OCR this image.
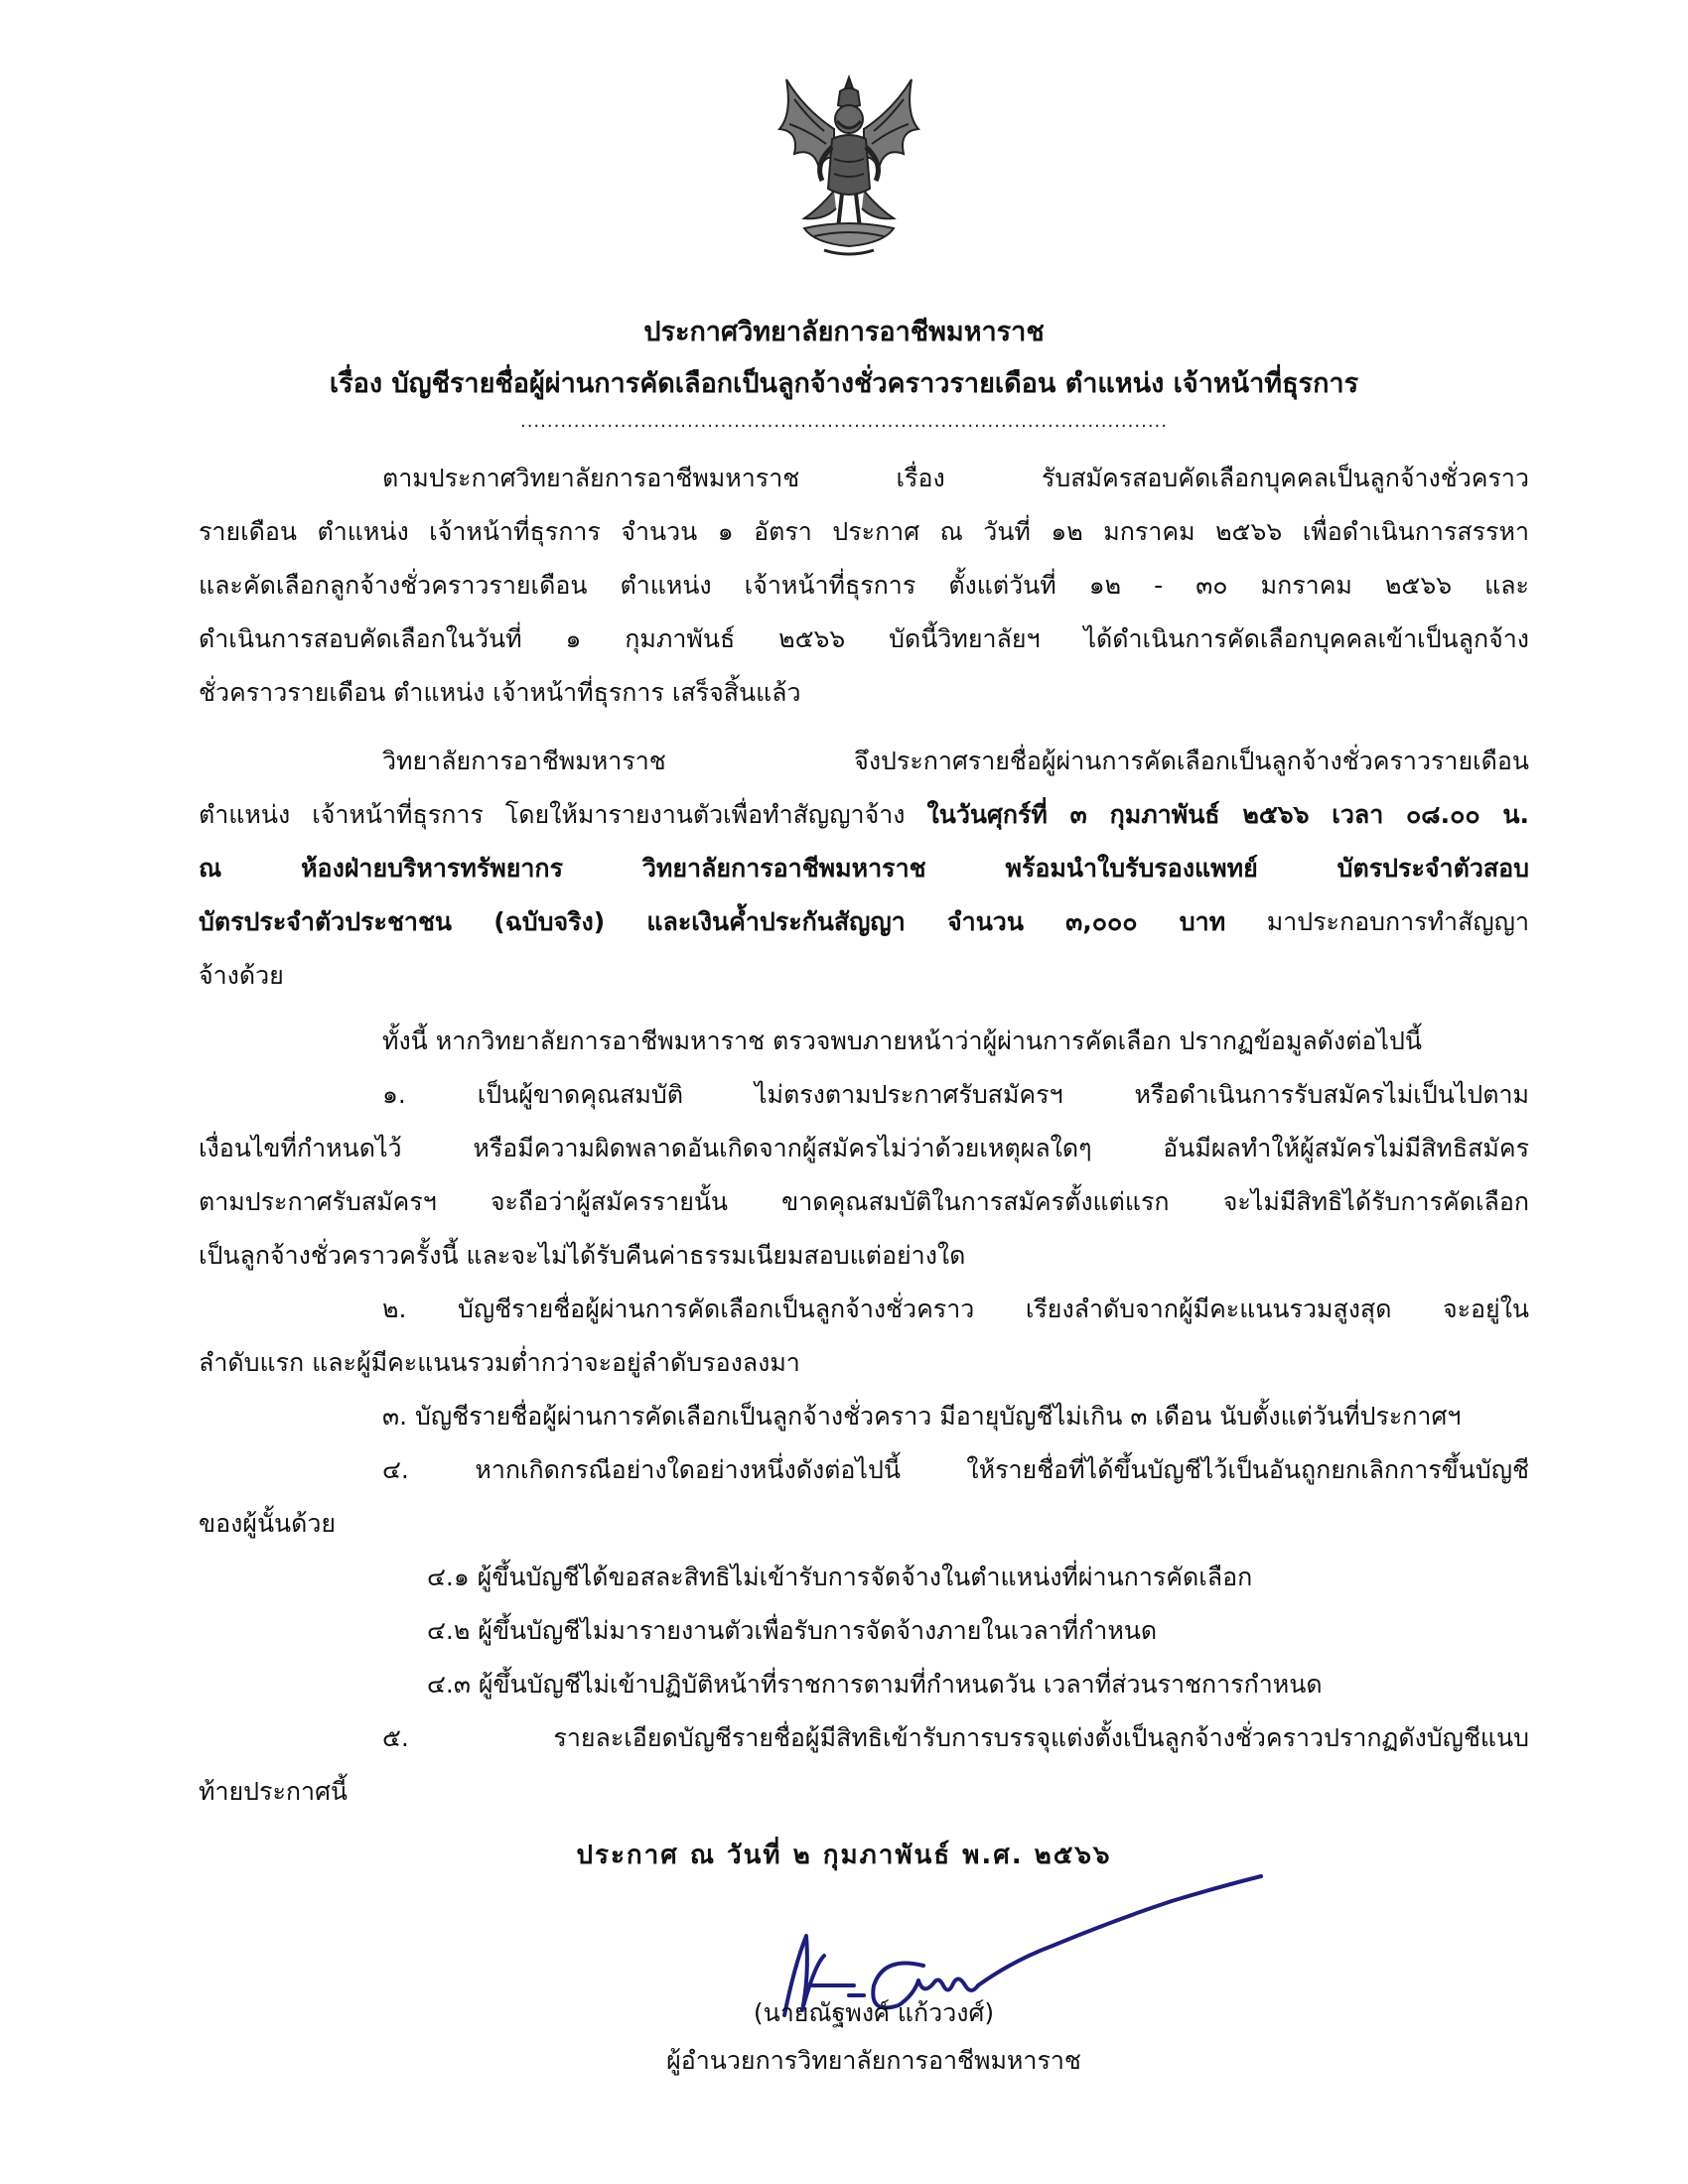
ประกาศวิทยาลัยการอาชีพมหาราช
เรื่อง บัญชีรายชื่อผู้ผ่านการคัดเลือกเป็นลูกจ้างชั่วคราวรายเดือน ตำแหน่ง เจ้าหน้าที่ธุรการ
.................................................................................................
ตามประกาศวิทยาลัยการอาชีพมหาราช เรื่อง รับสมัครสอบคัดเลือกบุคคลเป็นลูกจ้างชั่วคราว
รายเดือน ตำแหน่ง เจ้าหน้าที่ธุรการ จำนวน ๑ อัตรา ประกาศ ณ วันที่ ๑๒ มกราคม ๒๕๖๖ เพื่อดำเนินการสรรหา
และคัดเลือกลูกจ้างชั่วคราวรายเดือน ตำแหน่ง เจ้าหน้าที่ธุรการ ตั้งแต่วันที่ ๑๒ - ๓๐ มกราคม ๒๕๖๖ และ
ดำเนินการสอบคัดเลือกในวันที่ ๑ กุมภาพันธ์ ๒๕๖๖ บัดนี้วิทยาลัยฯ ได้ดำเนินการคัดเลือกบุคคลเข้าเป็นลูกจ้าง
ชั่วคราวรายเดือน ตำแหน่ง เจ้าหน้าที่ธุรการ เสร็จสิ้นแล้ว
วิทยาลัยการอาชีพมหาราช จึงประกาศรายชื่อผู้ผ่านการคัดเลือกเป็นลูกจ้างชั่วคราวรายเดือน
ตำแหน่ง เจ้าหน้าที่ธุรการ โดยให้มารายงานตัวเพื่อทำสัญญาจ้าง ในวันศุกร์ที่ ๓ กุมภาพันธ์ ๒๕๖๖ เวลา ๐๘.๐๐ น.
ณ ห้องฝ่ายบริหารทรัพยากร วิทยาลัยการอาชีพมหาราช พร้อมนำใบรับรองแพทย์ บัตรประจำตัวสอบ
บัตรประจำตัวประชาชน (ฉบับจริง) และเงินค้ำประกันสัญญา จำนวน ๓,๐๐๐ บาท มาประกอบการทำสัญญา
จ้างด้วย
ทั้งนี้ หากวิทยาลัยการอาชีพมหาราช ตรวจพบภายหน้าว่าผู้ผ่านการคัดเลือก ปรากฏข้อมูลดังต่อไปนี้
๑. เป็นผู้ขาดคุณสมบัติ ไม่ตรงตามประกาศรับสมัครฯ หรือดำเนินการรับสมัครไม่เป็นไปตาม
เงื่อนไขที่กำหนดไว้ หรือมีความผิดพลาดอันเกิดจากผู้สมัครไม่ว่าด้วยเหตุผลใดๆ อันมีผลทำให้ผู้สมัครไม่มีสิทธิสมัคร
ตามประกาศรับสมัครฯ จะถือว่าผู้สมัครรายนั้น ขาดคุณสมบัติในการสมัครตั้งแต่แรก จะไม่มีสิทธิได้รับการคัดเลือก
เป็นลูกจ้างชั่วคราวครั้งนี้ และจะไม่ได้รับคืนค่าธรรมเนียมสอบแต่อย่างใด
๒. บัญชีรายชื่อผู้ผ่านการคัดเลือกเป็นลูกจ้างชั่วคราว เรียงลำดับจากผู้มีคะแนนรวมสูงสุด จะอยู่ใน
ลำดับแรก และผู้มีคะแนนรวมต่ำกว่าจะอยู่ลำดับรองลงมา
๓. บัญชีรายชื่อผู้ผ่านการคัดเลือกเป็นลูกจ้างชั่วคราว มีอายุบัญชีไม่เกิน ๓ เดือน นับตั้งแต่วันที่ประกาศฯ
๔. หากเกิดกรณีอย่างใดอย่างหนึ่งดังต่อไปนี้ ให้รายชื่อที่ได้ขึ้นบัญชีไว้เป็นอันถูกยกเลิกการขึ้นบัญชี
ของผู้นั้นด้วย
๔.๑ ผู้ขึ้นบัญชีได้ขอสละสิทธิไม่เข้ารับการจัดจ้างในตำแหน่งที่ผ่านการคัดเลือก
๔.๒ ผู้ขึ้นบัญชีไม่มารายงานตัวเพื่อรับการจัดจ้างภายในเวลาที่กำหนด
๔.๓ ผู้ขึ้นบัญชีไม่เข้าปฏิบัติหน้าที่ราชการตามที่กำหนดวัน เวลาที่ส่วนราชการกำหนด
๕. รายละเอียดบัญชีรายชื่อผู้มีสิทธิเข้ารับการบรรจุแต่งตั้งเป็นลูกจ้างชั่วคราวปรากฏดังบัญชีแนบ
ท้ายประกาศนี้
ประกาศ ณ วันที่ ๒ กุมภาพันธ์ พ.ศ. ๒๕๖๖
(นายณัฐพงศ์ แก้ววงศ์)
ผู้อำนวยการวิทยาลัยการอาชีพมหาราช
